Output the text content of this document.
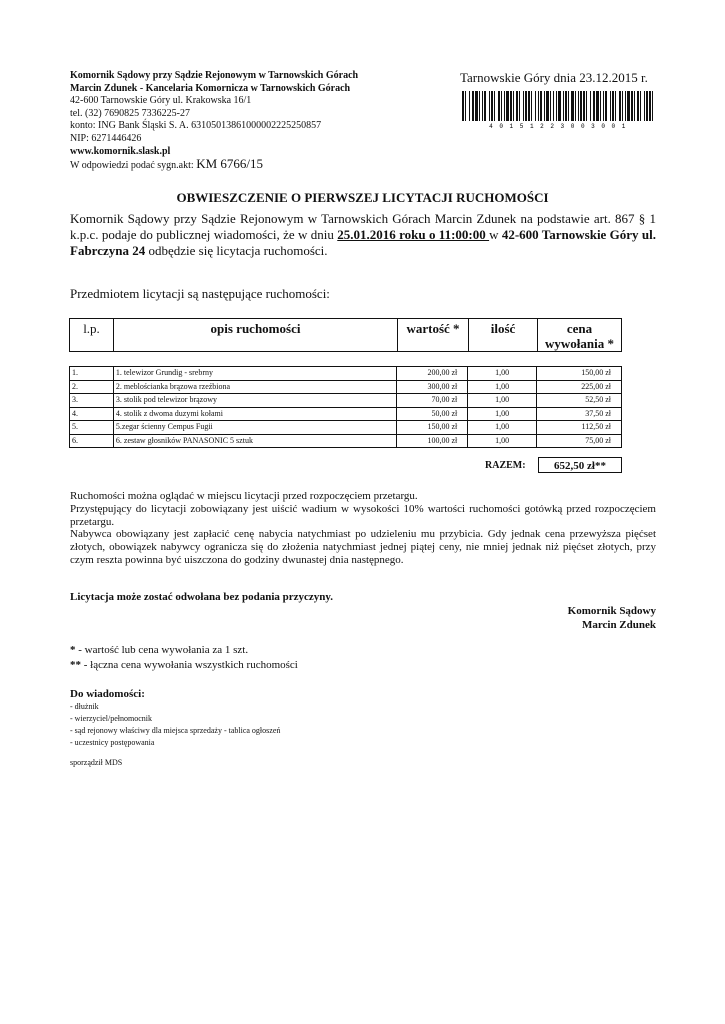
Komornik Sądowy przy Sądzie Rejonowym w Tarnowskich Górach
Marcin Zdunek - Kancelaria Komornicza w Tarnowskich Górach
42-600 Tarnowskie Góry ul. Krakowska 16/1
tel. (32) 7690825 7336225-27
konto: ING Bank Śląski S. A. 63105013861000002225250857
NIP: 6271446426
www.komornik.slask.pl
W odpowiedzi podać sygn.akt: KM 6766/15
Tarnowskie Góry dnia 23.12.2015 r.
4 0 1 5 1 2 2 3 0 0 3 0 0 1
OBWIESZCZENIE O PIERWSZEJ LICYTACJI RUCHOMOŚCI
Komornik Sądowy przy Sądzie Rejonowym w Tarnowskich Górach Marcin Zdunek na podstawie art. 867 § 1 k.p.c. podaje do publicznej wiadomości, że w dniu 25.01.2016 roku o 11:00:00 w 42-600 Tarnowskie Góry ul. Fabrczyna 24 odbędzie się licytacja ruchomości.
Przedmiotem licytacji są następujące ruchomości:
l.p.	opis ruchomości	wartość *	ilość	cena wywołania *
1.	1. telewizor Grundig - srebrny	200,00 zł	1,00	150,00 zł
2.	2. meblościanka brązowa rzeźbiona	300,00 zł	1,00	225,00 zł
3.	3. stolik pod telewizor brązowy	70,00 zł	1,00	52,50 zł
4.	4. stolik z dwoma duzymi kołami	50,00 zł	1,00	37,50 zł
5.	5.zegar ścienny Cempus Fugii	150,00 zł	1,00	112,50 zł
6.	6. zestaw głosników PANASONIC 5 sztuk	100,00 zł	1,00	75,00 zł
RAZEM:	652,50 zł**
Ruchomości można oglądać w miejscu licytacji przed rozpoczęciem przetargu.
Przystępujący do licytacji zobowiązany jest uiścić wadium w wysokości 10% wartości ruchomości gotówką przed rozpoczęciem przetargu.
Nabywca obowiązany jest zapłacić cenę nabycia natychmiast po udzieleniu mu przybicia. Gdy jednak cena przewyższa pięćset złotych, obowiązek nabywcy ogranicza się do złożenia natychmiast jednej piątej ceny, nie mniej jednak niż pięćset złotych, przy czym reszta powinna być uiszczona do godziny dwunastej dnia następnego.
Licytacja może zostać odwołana bez podania przyczyny.
Komornik Sądowy
Marcin Zdunek
* - wartość lub cena wywołania za 1 szt.
** - łączna cena wywołania wszystkich ruchomości
Do wiadomości:
- dłużnik
- wierzyciel/pełnomocnik
- sąd rejonowy właściwy dla miejsca sprzedaży - tablica ogłoszeń
- uczestnicy postępowania
sporządził MDS
